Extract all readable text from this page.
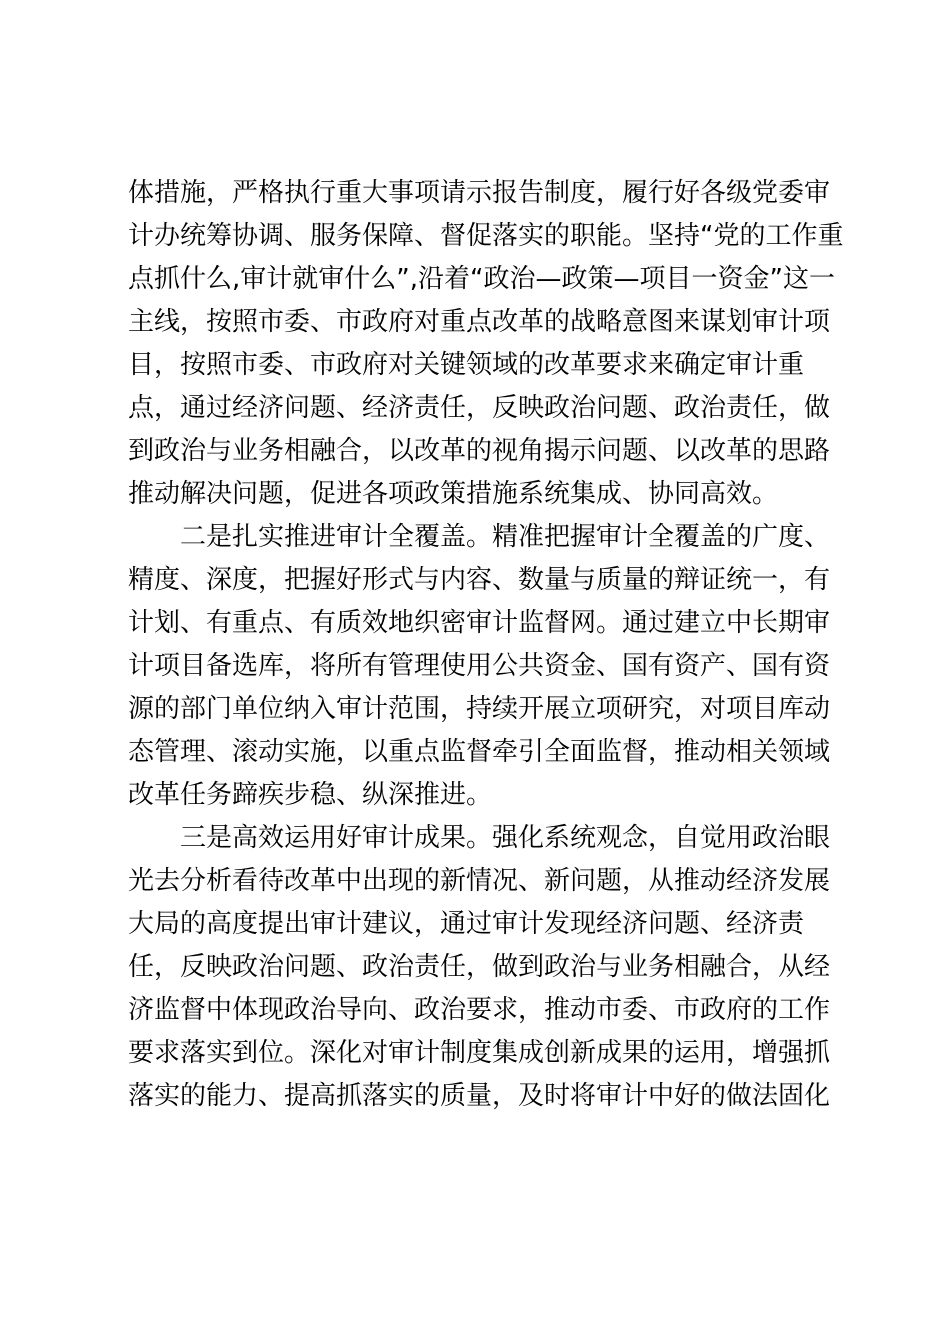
体措施，严格执行重大事项请示报告制度，履行好各级党委审
计办统筹协调、服务保障、督促落实的职能。坚持“党的工作重
点抓什么,审计就审什么”,沿着“政治—政策—项目一资金”这一
主线，按照市委、市政府对重点改革的战略意图来谋划审计项
目，按照市委、市政府对关键领域的改革要求来确定审计重
点，通过经济问题、经济责任，反映政治问题、政治责任，做
到政治与业务相融合，以改革的视角揭示问题、以改革的思路
推动解决问题，促进各项政策措施系统集成、协同高效。
二是扎实推进审计全覆盖。精准把握审计全覆盖的广度、
精度、深度，把握好形式与内容、数量与质量的辩证统一，有
计划、有重点、有质效地织密审计监督网。通过建立中长期审
计项目备选库，将所有管理使用公共资金、国有资产、国有资
源的部门单位纳入审计范围，持续开展立项研究，对项目库动
态管理、滚动实施，以重点监督牵引全面监督，推动相关领域
改革任务蹄疾步稳、纵深推进。
三是高效运用好审计成果。强化系统观念，自觉用政治眼
光去分析看待改革中出现的新情况、新问题，从推动经济发展
大局的高度提出审计建议，通过审计发现经济问题、经济责
任，反映政治问题、政治责任，做到政治与业务相融合，从经
济监督中体现政治导向、政治要求，推动市委、市政府的工作
要求落实到位。深化对审计制度集成创新成果的运用，增强抓
落实的能力、提高抓落实的质量，及时将审计中好的做法固化
